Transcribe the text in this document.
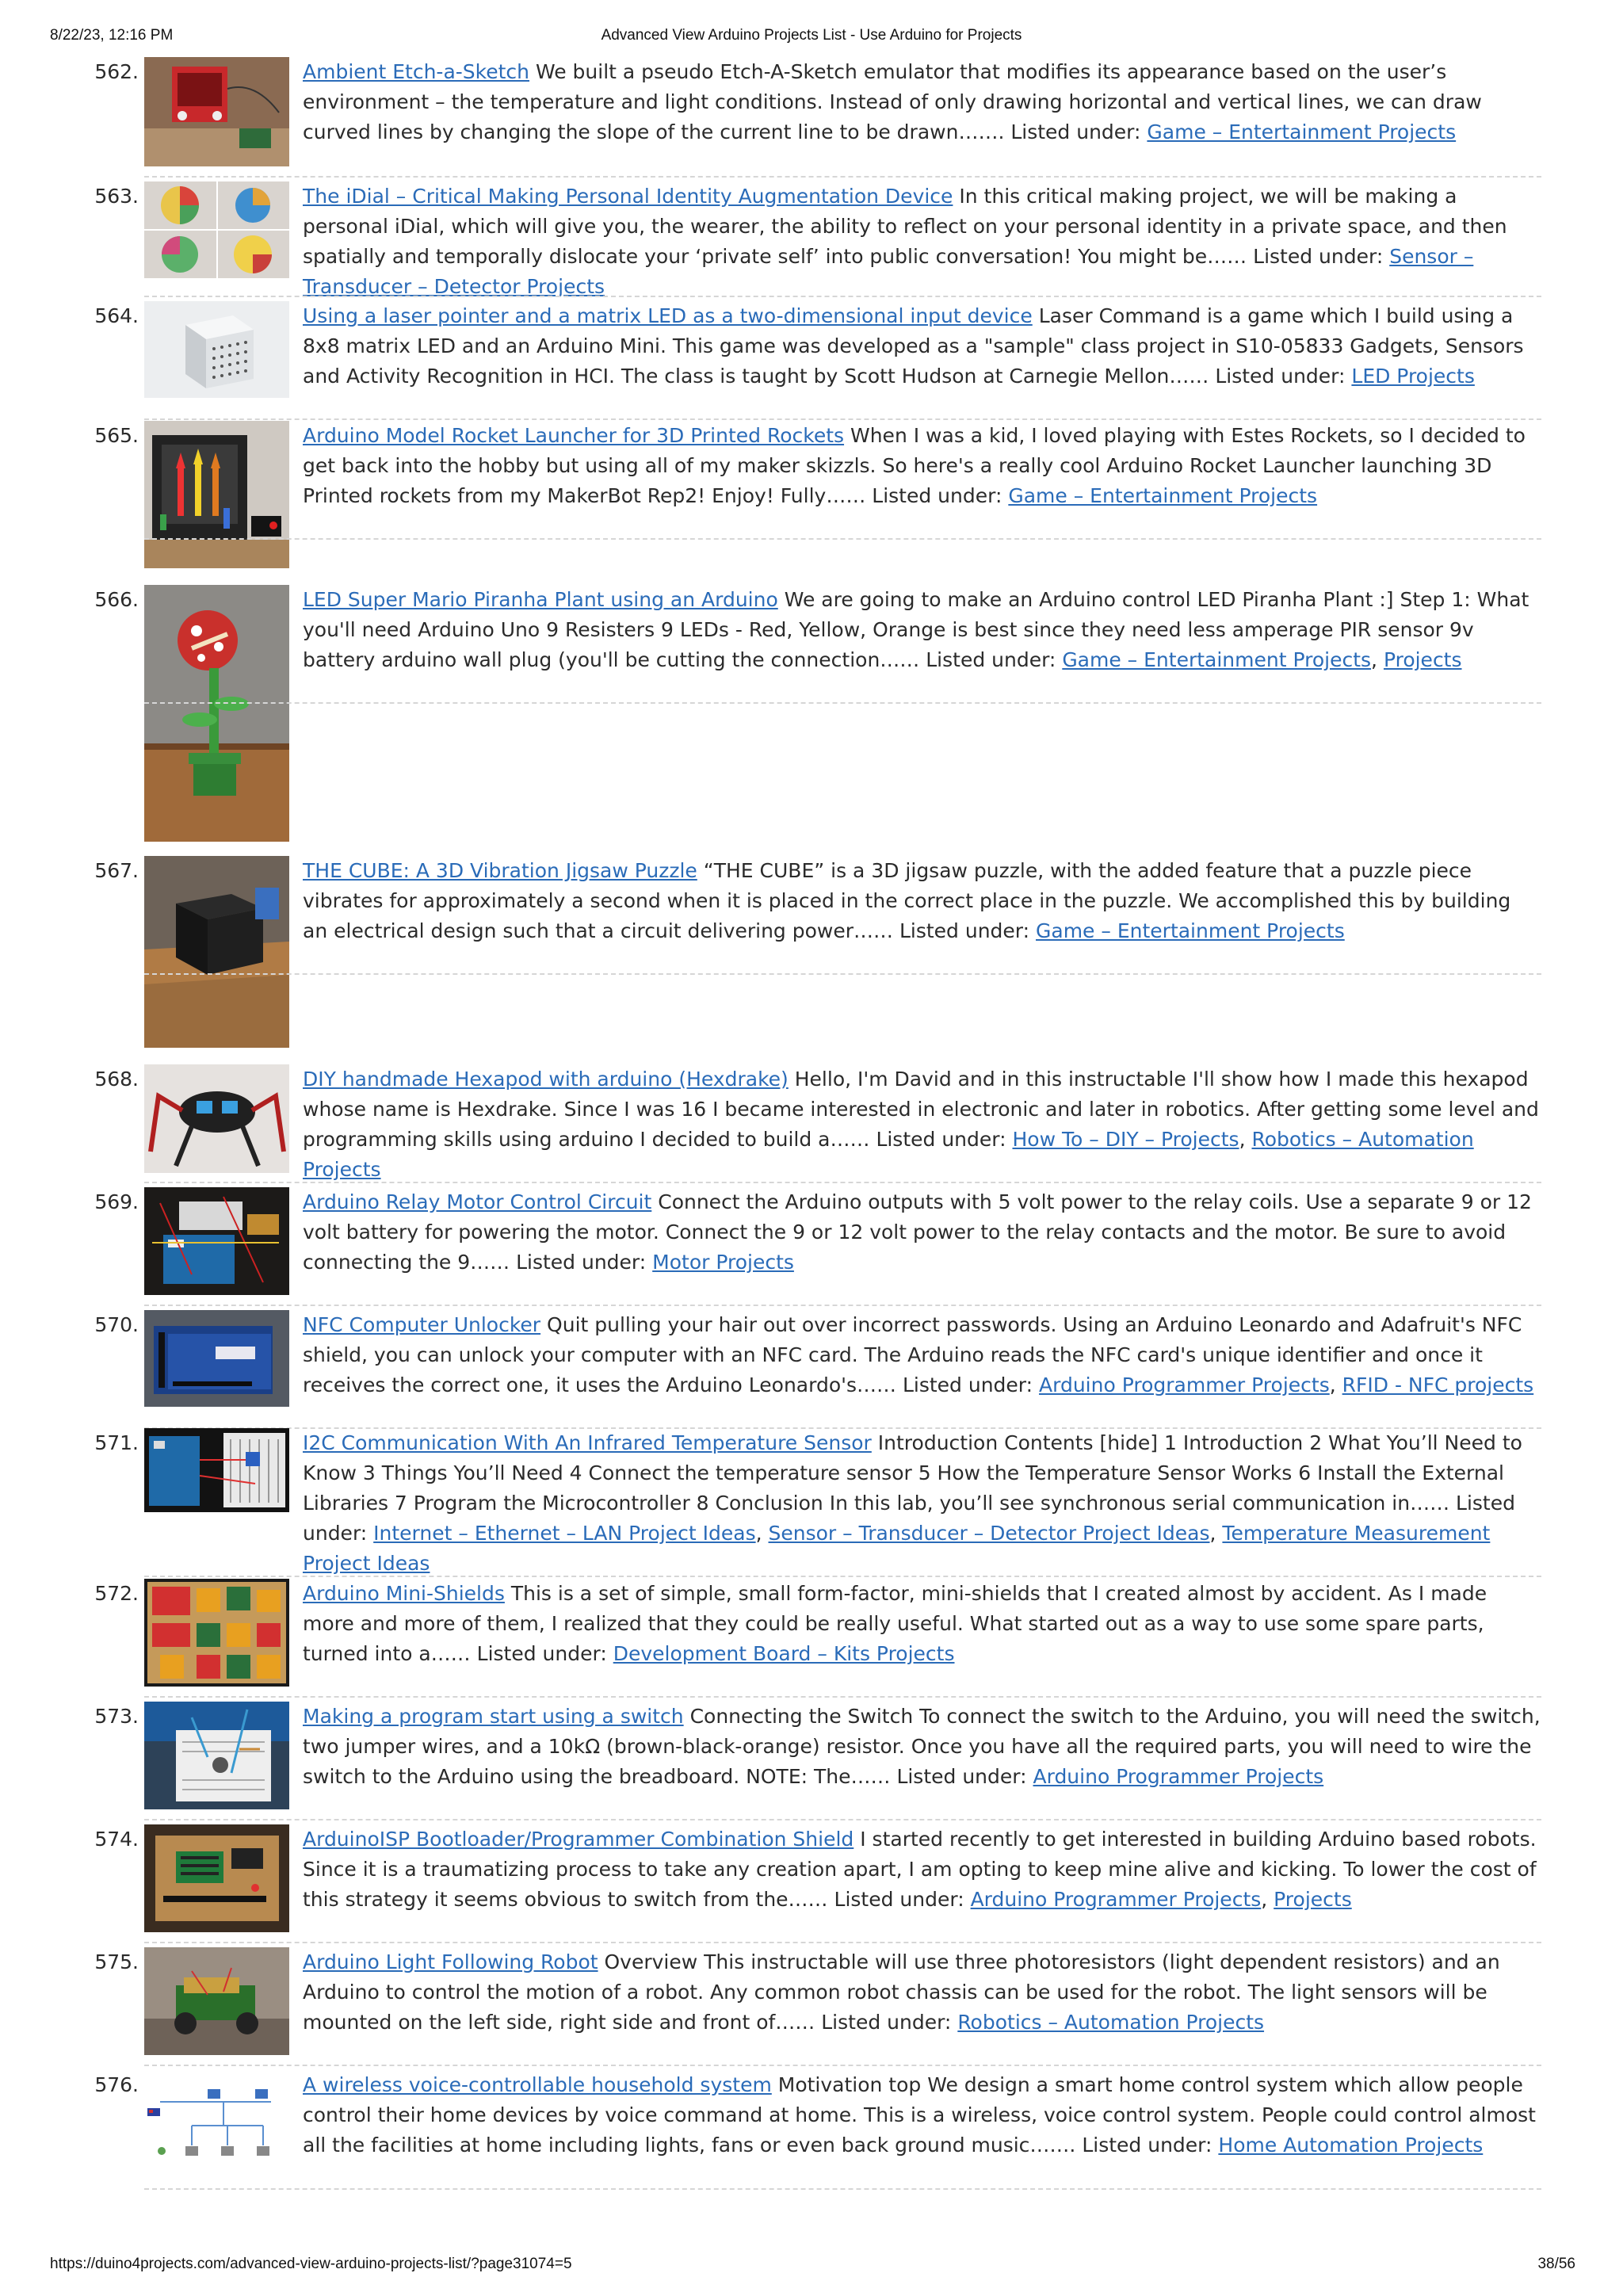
8/22/23, 12:16 PM	Advanced View Arduino Projects List - Use Arduino for Projects
562.	Ambient Etch-a-Sketch We built a pseudo Etch-A-Sketch emulator that modifies its appearance based on the user’s environment – the temperature and light conditions. Instead of only drawing horizontal and vertical lines, we can draw curved lines by changing the slope of the current line to be drawn……. Listed under: Game – Entertainment Projects
563.	The iDial – Critical Making Personal Identity Augmentation Device In this critical making project, we will be making a personal iDial, which will give you, the wearer, the ability to reflect on your personal identity in a private space, and then spatially and temporally dislocate your ‘private self’ into public conversation! You might be…… Listed under: Sensor – Transducer – Detector Projects
564.	Using a laser pointer and a matrix LED as a two-dimensional input device Laser Command is a game which I build using a 8x8 matrix LED and an Arduino Mini. This game was developed as a "sample" class project in S10-05833 Gadgets, Sensors and Activity Recognition in HCI. The class is taught by Scott Hudson at Carnegie Mellon…… Listed under: LED Projects
565.	Arduino Model Rocket Launcher for 3D Printed Rockets When I was a kid, I loved playing with Estes Rockets, so I decided to get back into the hobby but using all of my maker skizzls. So here's a really cool Arduino Rocket Launcher launching 3D Printed rockets from my MakerBot Rep2! Enjoy! Fully…… Listed under: Game – Entertainment Projects
566.	LED Super Mario Piranha Plant using an Arduino We are going to make an Arduino control LED Piranha Plant :] Step 1: What you'll need Arduino Uno 9 Resisters 9 LEDs - Red, Yellow, Orange is best since they need less amperage PIR sensor 9v battery arduino wall plug (you'll be cutting the connection…… Listed under: Game – Entertainment Projects, Projects
567.	THE CUBE: A 3D Vibration Jigsaw Puzzle “THE CUBE” is a 3D jigsaw puzzle, with the added feature that a puzzle piece vibrates for approximately a second when it is placed in the correct place in the puzzle. We accomplished this by building an electrical design such that a circuit delivering power…… Listed under: Game – Entertainment Projects
568.	DIY handmade Hexapod with arduino (Hexdrake) Hello, I'm David and in this instructable I'll show how I made this hexapod whose name is Hexdrake. Since I was 16 I became interested in electronic and later in robotics. After getting some level and programming skills using arduino I decided to build a…… Listed under: How To – DIY – Projects, Robotics – Automation Projects
569.	Arduino Relay Motor Control Circuit Connect the Arduino outputs with 5 volt power to the relay coils. Use a separate 9 or 12 volt battery for powering the motor. Connect the 9 or 12 volt power to the relay contacts and the motor. Be sure to avoid connecting the 9…… Listed under: Motor Projects
570.	NFC Computer Unlocker Quit pulling your hair out over incorrect passwords. Using an Arduino Leonardo and Adafruit's NFC shield, you can unlock your computer with an NFC card. The Arduino reads the NFC card's unique identifier and once it receives the correct one, it uses the Arduino Leonardo's…… Listed under: Arduino Programmer Projects, RFID - NFC projects
571.	I2C Communication With An Infrared Temperature Sensor Introduction Contents [hide] 1 Introduction 2 What You’ll Need to Know 3 Things You’ll Need 4 Connect the temperature sensor 5 How the Temperature Sensor Works 6 Install the External Libraries 7 Program the Microcontroller 8 Conclusion In this lab, you’ll see synchronous serial communication in…… Listed under: Internet – Ethernet – LAN Project Ideas, Sensor – Transducer – Detector Project Ideas, Temperature Measurement Project Ideas
572.	Arduino Mini-Shields This is a set of simple, small form-factor, mini-shields that I created almost by accident. As I made more and more of them, I realized that they could be really useful. What started out as a way to use some spare parts, turned into a…… Listed under: Development Board – Kits Projects
573.	Making a program start using a switch Connecting the Switch To connect the switch to the Arduino, you will need the switch, two jumper wires, and a 10kΩ (brown-black-orange) resistor. Once you have all the required parts, you will need to wire the switch to the Arduino using the breadboard. NOTE: The…… Listed under: Arduino Programmer Projects
574.	ArduinoISP Bootloader/Programmer Combination Shield I started recently to get interested in building Arduino based robots. Since it is a traumatizing process to take any creation apart, I am opting to keep mine alive and kicking. To lower the cost of this strategy it seems obvious to switch from the…… Listed under: Arduino Programmer Projects, Projects
575.	Arduino Light Following Robot Overview This instructable will use three photoresistors (light dependent resistors) and an Arduino to control the motion of a robot. Any common robot chassis can be used for the robot. The light sensors will be mounted on the left side, right side and front of…… Listed under: Robotics – Automation Projects
576.	A wireless voice-controllable household system Motivation top We design a smart home control system which allow people control their home devices by voice command at home. This is a wireless, voice control system. People could control almost all the facilities at home including lights, fans or even back ground music……. Listed under: Home Automation Projects
https://duino4projects.com/advanced-view-arduino-projects-list/?page31074=5	38/56
